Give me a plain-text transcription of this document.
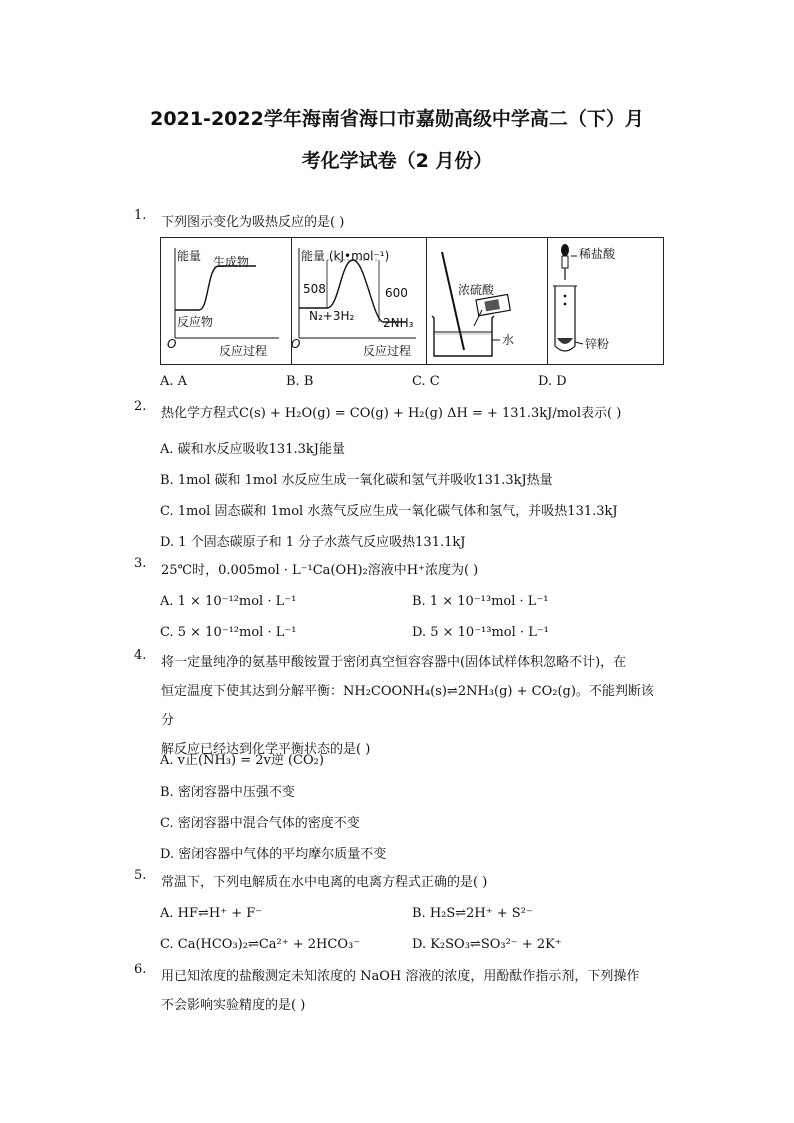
2021-2022学年海南省海口市嘉勋高级中学高二（下）月
考化学试卷（2 月份）
1.	下列图示变化为吸热反应的是( )
能量 生成物
反应物
O	反应过程
能量 (kJ•mol⁻¹)
508	600
N₂+3H₂ 2NH₃
O	反应过程
浓硫酸
水
稀盐酸
锌粉
A. A	B. B	C. C	D. D
2.	热化学方程式C(s) + H₂O(g) = CO(g) + H₂(g) ΔH = + 131.3kJ/mol表示( )
A. 碳和水反应吸收131.3kJ能量
B. 1mol 碳和 1mol 水反应生成一氧化碳和氢气并吸收131.3kJ热量
C. 1mol 固态碳和 1mol 水蒸气反应生成一氧化碳气体和氢气，并吸热131.3kJ
D. 1 个固态碳原子和 1 分子水蒸气反应吸热131.1kJ
3.	25℃时，0.005mol · L⁻¹Ca(OH)₂溶液中H⁺浓度为( )
A. 1 × 10⁻¹²mol · L⁻¹	B. 1 × 10⁻¹³mol · L⁻¹
C. 5 × 10⁻¹²mol · L⁻¹	D. 5 × 10⁻¹³mol · L⁻¹
4.	将一定量纯净的氨基甲酸铵置于密闭真空恒容容器中(固体试样体积忽略不计)，在
恒定温度下使其达到分解平衡：NH₂COONH₄(s)⇌2NH₃(g) + CO₂(g)。不能判断该分
解反应已经达到化学平衡状态的是( )
A. v正(NH₃) = 2v逆 (CO₂)
B. 密闭容器中压强不变
C. 密闭容器中混合气体的密度不变
D. 密闭容器中气体的平均摩尔质量不变
5.	常温下，下列电解质在水中电离的电离方程式正确的是( )
A. HF⇌H⁺ + F⁻	B. H₂S⇌2H⁺ + S²⁻
C. Ca(HCO₃)₂⇌Ca²⁺ + 2HCO₃⁻	D. K₂SO₃⇌SO₃²⁻ + 2K⁺
6.	用已知浓度的盐酸测定未知浓度的 NaOH 溶液的浓度，用酚酞作指示剂，下列操作
不会影响实验精度的是( )
